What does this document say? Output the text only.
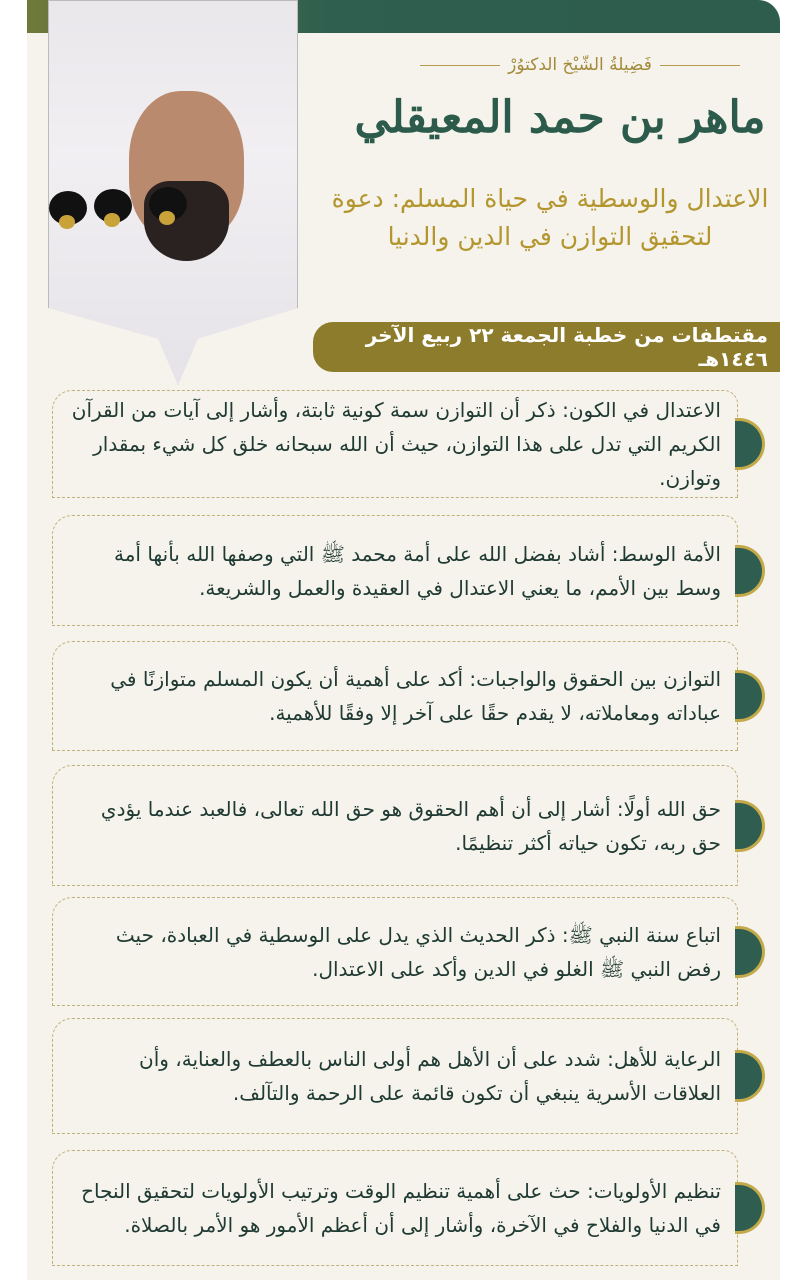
فَضِيلةُ الشّيْخ الدكتوُرْ
ماهر بن حمد المعيقلي
الاعتدال والوسطية في حياة المسلم: دعوة لتحقيق التوازن في الدين والدنيا
مقتطفات من خطبة الجمعة ٢٢ ربيع الآخر ١٤٤٦هـ

الاعتدال في الكون: ذكر أن التوازن سمة كونية ثابتة، وأشار إلى آيات من القرآن الكريم التي تدل على هذا التوازن، حيث أن الله سبحانه خلق كل شيء بمقدار وتوازن.

الأمة الوسط: أشاد بفضل الله على أمة محمد ﷺ التي وصفها الله بأنها أمة وسط بين الأمم، ما يعني الاعتدال في العقيدة والعمل والشريعة.

التوازن بين الحقوق والواجبات: أكد على أهمية أن يكون المسلم متوازنًا في عباداته ومعاملاته، لا يقدم حقًا على آخر إلا وفقًا للأهمية.

حق الله أولًا: أشار إلى أن أهم الحقوق هو حق الله تعالى، فالعبد عندما يؤدي حق ربه، تكون حياته أكثر تنظيمًا.

اتباع سنة النبي ﷺ: ذكر الحديث الذي يدل على الوسطية في العبادة، حيث رفض النبي ﷺ الغلو في الدين وأكد على الاعتدال.

الرعاية للأهل: شدد على أن الأهل هم أولى الناس بالعطف والعناية، وأن العلاقات الأسرية ينبغي أن تكون قائمة على الرحمة والتآلف.

تنظيم الأولويات: حث على أهمية تنظيم الوقت وترتيب الأولويات لتحقيق النجاح في الدنيا والفلاح في الآخرة، وأشار إلى أن أعظم الأمور هو الأمر بالصلاة.
